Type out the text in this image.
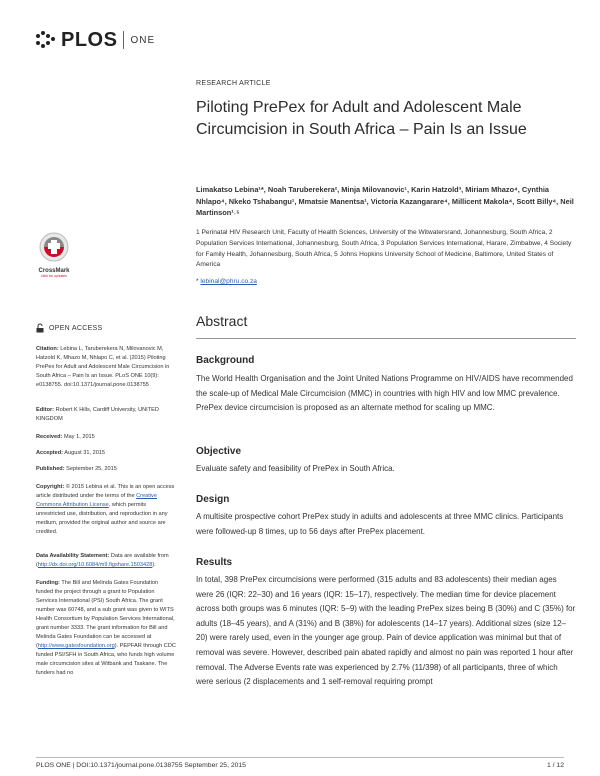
PLOS ONE
RESEARCH ARTICLE
Piloting PrePex for Adult and Adolescent Male Circumcision in South Africa – Pain Is an Issue
Limakatso Lebina¹*, Noah Taruberekera², Minja Milovanovic¹, Karin Hatzold³, Miriam Mhazo⁴, Cynthia Nhlapo⁴, Nkeko Tshabangu¹, Mmatsie Manentsa¹, Victoria Kazangarare⁴, Millicent Makola⁴, Scott Billy⁴, Neil Martinson¹˒⁵
1 Perinatal HIV Research Unit, Faculty of Health Sciences, University of the Witwatersrand, Johannesburg, South Africa, 2 Population Services International, Johannesburg, South Africa, 3 Population Services International, Harare, Zimbabwe, 4 Society for Family Health, Johannesburg, South Africa, 5 Johns Hopkins University School of Medicine, Baltimore, United States of America
* lebinal@phru.co.za
CrossMark
click for updates
OPEN ACCESS
Citation: Lebina L, Taruberekera N, Milovanovic M, Hatzold K, Mhazo M, Nhlapo C, et al. (2015) Piloting PrePex for Adult and Adolescent Male Circumcision in South Africa – Pain Is an Issue. PLoS ONE 10(9): e0138755. doi:10.1371/journal.pone.0138755
Editor: Robert K Hills, Cardiff University, UNITED KINGDOM
Received: May 1, 2015
Accepted: August 31, 2015
Published: September 25, 2015
Copyright: © 2015 Lebina et al. This is an open access article distributed under the terms of the Creative Commons Attribution License, which permits unrestricted use, distribution, and reproduction in any medium, provided the original author and source are credited.
Data Availability Statement: Data are available from (http://dx.doi.org/10.6084/m9.figshare.1503428).
Funding: The Bill and Melinda Gates Foundation funded the project through a grant to Population Services International (PSI) South Africa. The grant number was 60748, and a sub grant was given to WITS Health Consortium by Population Services International, grant number 3333. The grant information for Bill and Melinda Gates Foundation can be accessed at (http://www.gatesfoundation.org). PEPFAR through CDC funded PSI/SFH in South Africa, who funds high volume male circumcision sites at Witbank and Tsakane. The funders had no
Abstract
Background
The World Health Organisation and the Joint United Nations Programme on HIV/AIDS have recommended the scale-up of Medical Male Circumcision (MMC) in countries with high HIV and low MMC prevalence. PrePex device circumcision is proposed as an alternate method for scaling up MMC.
Objective
Evaluate safety and feasibility of PrePex in South Africa.
Design
A multisite prospective cohort PrePex study in adults and adolescents at three MMC clinics. Participants were followed-up 8 times, up to 56 days after PrePex placement.
Results
In total, 398 PrePex circumcisions were performed (315 adults and 83 adolescents) their median ages were 26 (IQR: 22–30) and 16 years (IQR: 15–17), respectively. The median time for device placement across both groups was 6 minutes (IQR: 5–9) with the leading PrePex sizes being B (30%) and C (35%) for adults (18–45 years), and A (31%) and B (38%) for adolescents (14–17 years). Additional sizes (size 12–20) were rarely used, even in the younger age group. Pain of device application was minimal but that of removal was severe. However, described pain abated rapidly and almost no pain was reported 1 hour after removal. The Adverse Events rate was experienced by 2.7% (11/398) of all participants, three of which were serious (2 displacements and 1 self-removal requiring prompt
PLOS ONE | DOI:10.1371/journal.pone.0138755 September 25, 2015	1 / 12
